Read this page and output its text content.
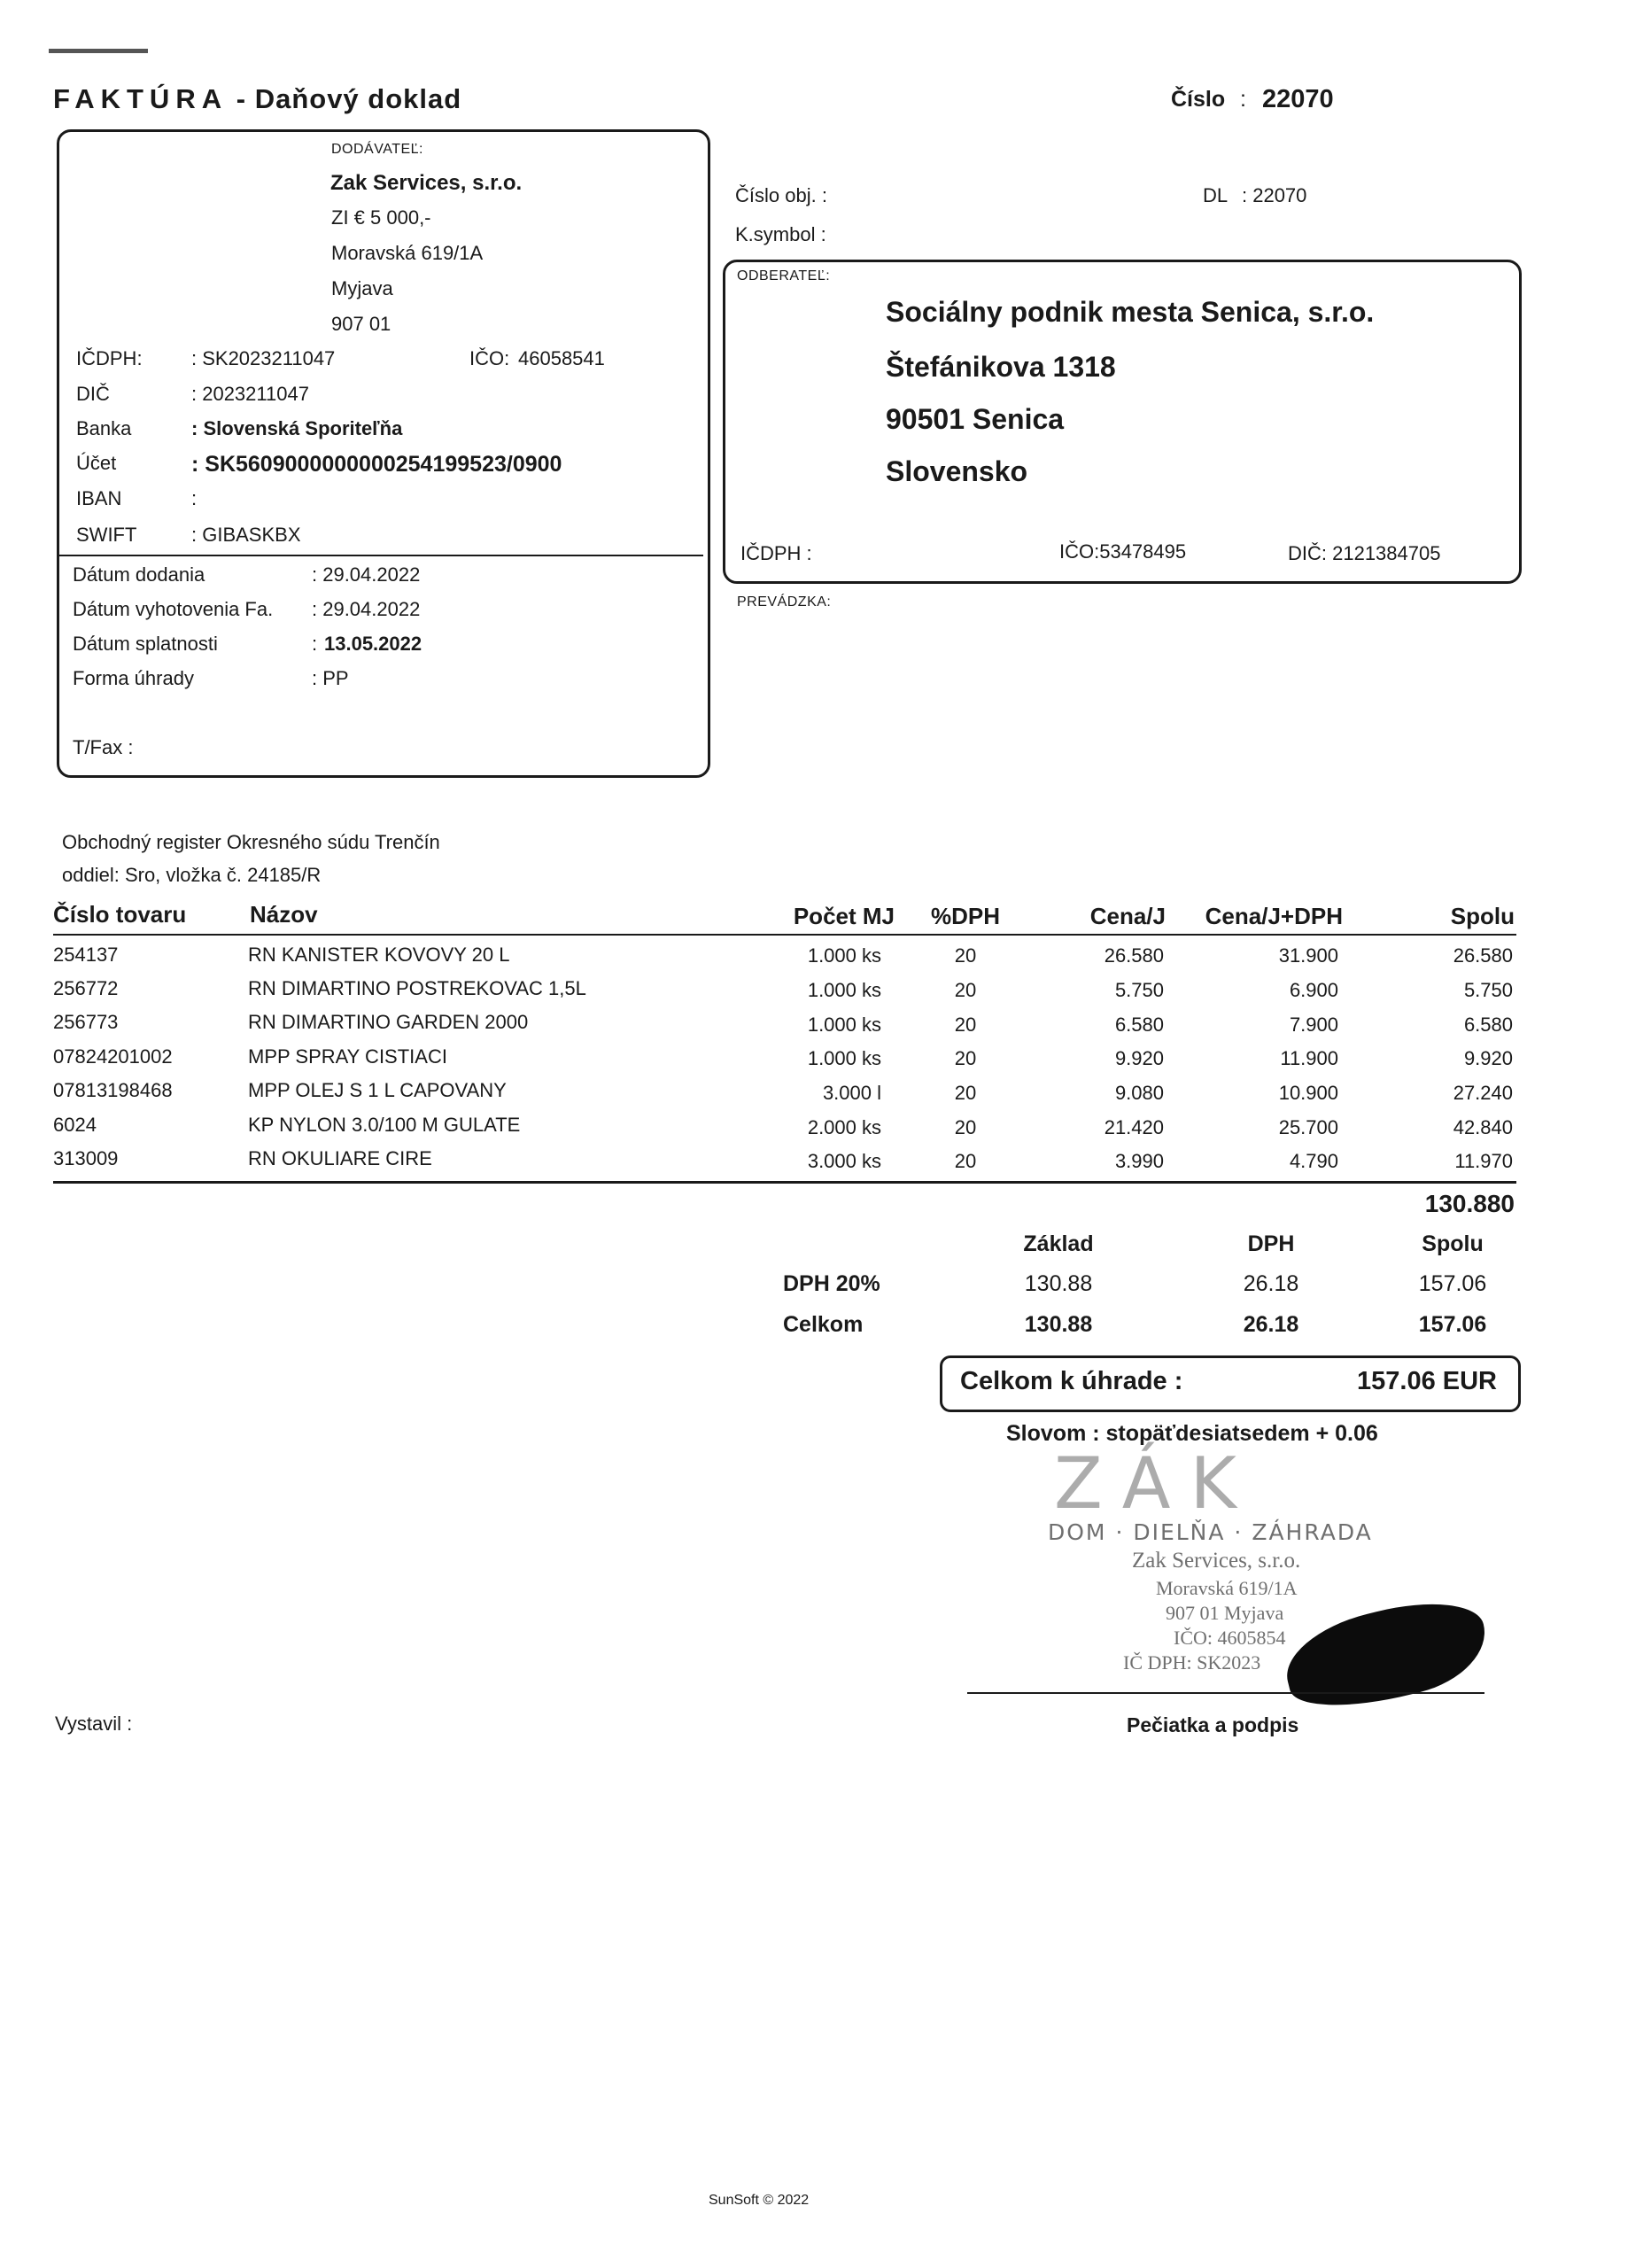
FAKTÚRA - Daňový doklad	Číslo : 22070
DODÁVATEĽ:
Zak Services, s.r.o.
ZI € 5 000,-
Moravská 619/1A
Myjava
907 01
IČDPH:	: SK2023211047	IČO: 46058541
DIČ	: 2023211047
Banka	: Slovenská Sporiteľňa
Účet	: SK5609000000000254199523/0900
IBAN	:
SWIFT	: GIBASKBX
Dátum dodania	: 29.04.2022
Dátum vyhotovenia Fa. : 29.04.2022
Dátum splatnosti	: 13.05.2022
Forma úhrady	: PP
T/Fax :
Číslo obj. :
K.symbol :
DL : 22070
ODBERATEĽ:
Sociálny podnik mesta Senica, s.r.o.
Štefánikova 1318
90501 Senica
Slovensko
IČDPH :	IČO:53478495	DIČ: 2121384705
PREVÁDZKA:
Obchodný register Okresného súdu Trenčín
oddiel: Sro, vložka č. 24185/R
Číslo tovaru	Názov	Počet MJ	%DPH	Cena/J	Cena/J+DPH	Spolu
254137	RN KANISTER KOVOVY 20 L	1.000 ks	20	26.580	31.900	26.580
256772	RN DIMARTINO POSTREKOVAC 1,5L	1.000 ks	20	5.750	6.900	5.750
256773	RN DIMARTINO GARDEN 2000	1.000 ks	20	6.580	7.900	6.580
07824201002	MPP SPRAY CISTIACI	1.000 ks	20	9.920	11.900	9.920
07813198468	MPP OLEJ S 1 L CAPOVANY	3.000 l	20	9.080	10.900	27.240
6024	KP NYLON 3.0/100 M GULATE	2.000 ks	20	21.420	25.700	42.840
313009	RN OKULIARE CIRE	3.000 ks	20	3.990	4.790	11.970
130.880
Základ	DPH	Spolu
DPH 20%	130.88	26.18	157.06
Celkom	130.88	26.18	157.06
Celkom k úhrade :	157.06 EUR
Slovom : stopäťdesiatsedem + 0.06
ZÁK
DOM · DIELŇA · ZÁHRADA
Zak Services, s.r.o.
Moravská 619/1A
907 01 Myjava
IČO: 4605854
IČ DPH: SK2023
Vystavil :	Pečiatka a podpis
SunSoft © 2022
